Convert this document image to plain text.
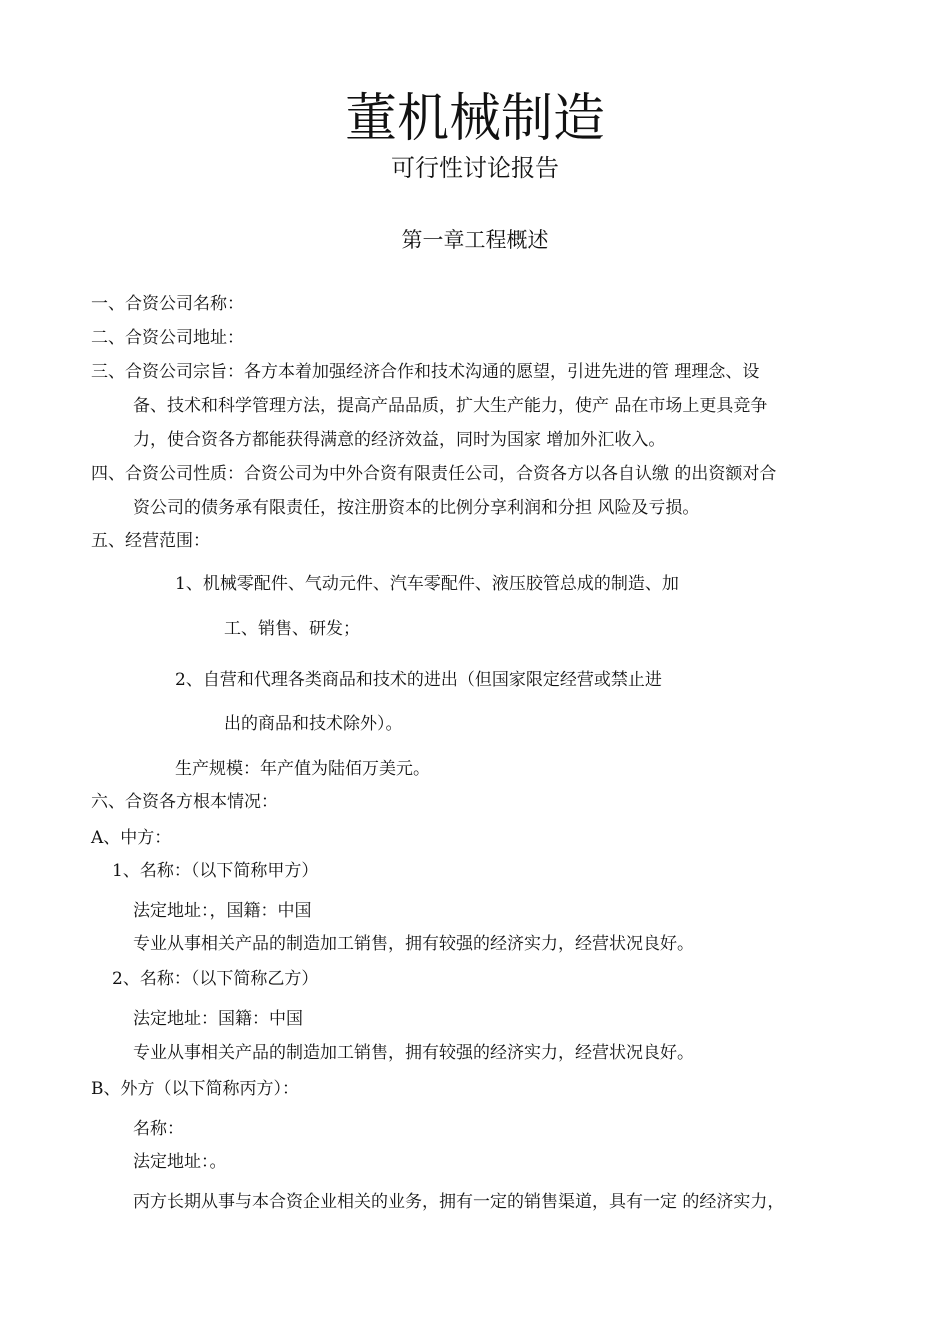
董机械制造
可行性讨论报告
第一章工程概述
一、合资公司名称：
二、合资公司地址：
三、合资公司宗旨：各方本着加强经济合作和技术沟通的愿望，引进先进的管 理理念、设
备、技术和科学管理方法，提高产品品质，扩大生产能力，使产 品在市场上更具竞争
力，使合资各方都能获得满意的经济效益，同时为国家 增加外汇收入。
四、合资公司性质：合资公司为中外合资有限责任公司，合资各方以各自认缴 的出资额对合
资公司的债务承有限责任，按注册资本的比例分享利润和分担 风险及亏损。
五、经营范围：
1、机械零配件、气动元件、汽车零配件、液压胶管总成的制造、加
工、销售、研发；
2、自营和代理各类商品和技术的进出（但国家限定经营或禁止进
出的商品和技术除外）。
生产规模：年产值为陆佰万美元。
六、合资各方根本情况：
A、中方：
1、名称：（以下简称甲方）
法定地址：，国籍：中国
专业从事相关产品的制造加工销售，拥有较强的经济实力，经营状况良好。
2、名称：（以下简称乙方）
法定地址：国籍：中国
专业从事相关产品的制造加工销售，拥有较强的经济实力，经营状况良好。
B、外方（以下简称丙方）：
名称：
法定地址：。
丙方长期从事与本合资企业相关的业务，拥有一定的销售渠道，具有一定 的经济实力，
